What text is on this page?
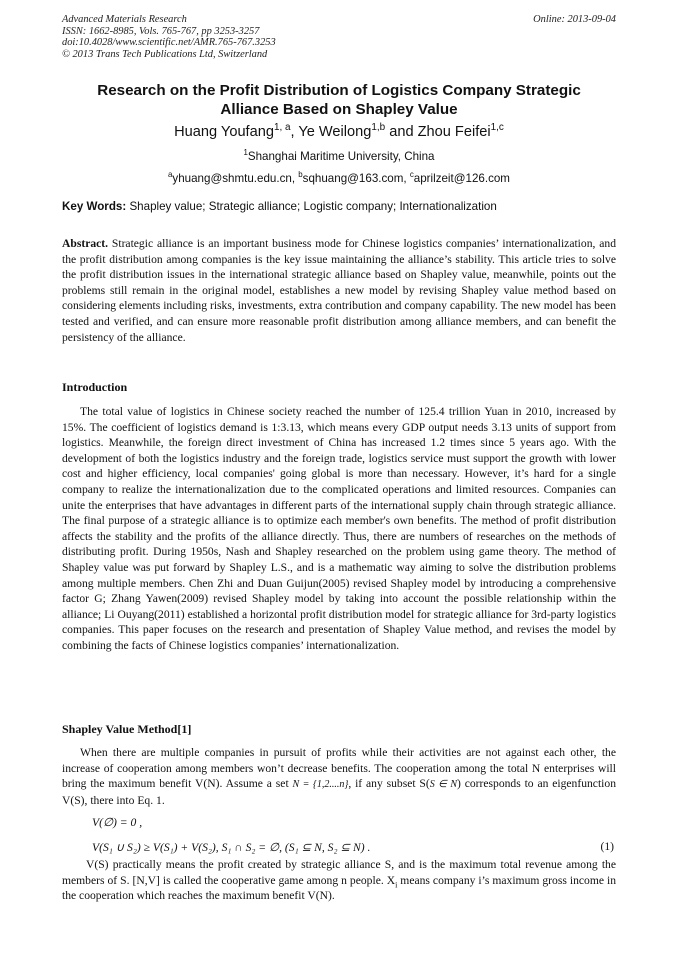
Advanced Materials Research
ISSN: 1662-8985, Vols. 765-767, pp 3253-3257
doi:10.4028/www.scientific.net/AMR.765-767.3253
© 2013 Trans Tech Publications Ltd, Switzerland
Online: 2013-09-04
Research on the Profit Distribution of Logistics Company Strategic
Alliance Based on Shapley Value
Huang Youfang$^{1, a}$, Ye Weilong$^{1,b}$ and Zhou Feifei$^{1,c}$
$^1$Shanghai Maritime University, China
$^a$yhuang@shmtu.edu.cn, $^b$sqhuang@163.com, $^c$aprilzeit@126.com
Key Words: Shapley value; Strategic alliance; Logistic company; Internationalization
Abstract. Strategic alliance is an important business mode for Chinese logistics companies’ internationalization, and the profit distribution among companies is the key issue maintaining the alliance’s stability. This article tries to solve the profit distribution issues in the international strategic alliance based on Shapley value, meanwhile, points out the problems still remain in the original model, establishes a new model by revising Shapley value method based on considering elements including risks, investments, extra contribution and company capability. The new model has been tested and verified, and can ensure more reasonable profit distribution among alliance members, and can benefit the persistency of the alliance.
Introduction
The total value of logistics in Chinese society reached the number of 125.4 trillion Yuan in 2010, increased by 15%. The coefficient of logistics demand is 1:3.13, which means every GDP output needs 3.13 units of support from logistics. Meanwhile, the foreign direct investment of China has increased 1.2 times since 5 years ago. With the development of both the logistics industry and the foreign trade, logistics service must support the growth with lower cost and higher efficiency, local companies' going global is more than necessary. However, it’s hard for a single company to realize the internationalization due to the complicated operations and limited resources. Companies can unite the enterprises that have advantages in different parts of the international supply chain through strategic alliance. The final purpose of a strategic alliance is to optimize each member's own benefits. The method of profit distribution affects the stability and the profits of the alliance directly. Thus, there are numbers of researches on the methods of distributing profit. During 1950s, Nash and Shapley researched on the problem using game theory. The method of Shapley value was put forward by Shapley L.S., and is a mathematic way aiming to solve the distribution problems among multiple members. Chen Zhi and Duan Guijun(2005) revised Shapley model by introducing a comprehensive factor G; Zhang Yawen(2009) revised Shapley model by taking into account the possible relationship within the alliance; Li Ouyang(2011) established a horizontal profit distribution model for strategic alliance for 3rd-party logistics companies. This paper focuses on the research and presentation of Shapley Value method, and revises the model by combining the facts of Chinese logistics companies’ internationalization.
Shapley Value Method[1]
When there are multiple companies in pursuit of profits while their activities are not against each other, the increase of cooperation among members won’t decrease benefits. The cooperation among the total N enterprises will bring the maximum benefit V(N). Assume a set N = {1,2....n}, if any subset S(S ∈ N) corresponds to an eigenfunction V(S), there into Eq. 1.
V(∅) = 0 ,
V(S₁ ∪ S₂) ≥ V(S₁) + V(S₂), S₁ ∩ S₂ = ∅, (S₁ ⊆ N, S₂ ⊆ N) .	(1)
V(S) practically means the profit created by strategic alliance S, and is the maximum total revenue among the members of S. [N,V] is called the cooperative game among n people. $X_i$ means company i’s maximum gross income in the cooperation which reaches the maximum benefit V(N).
